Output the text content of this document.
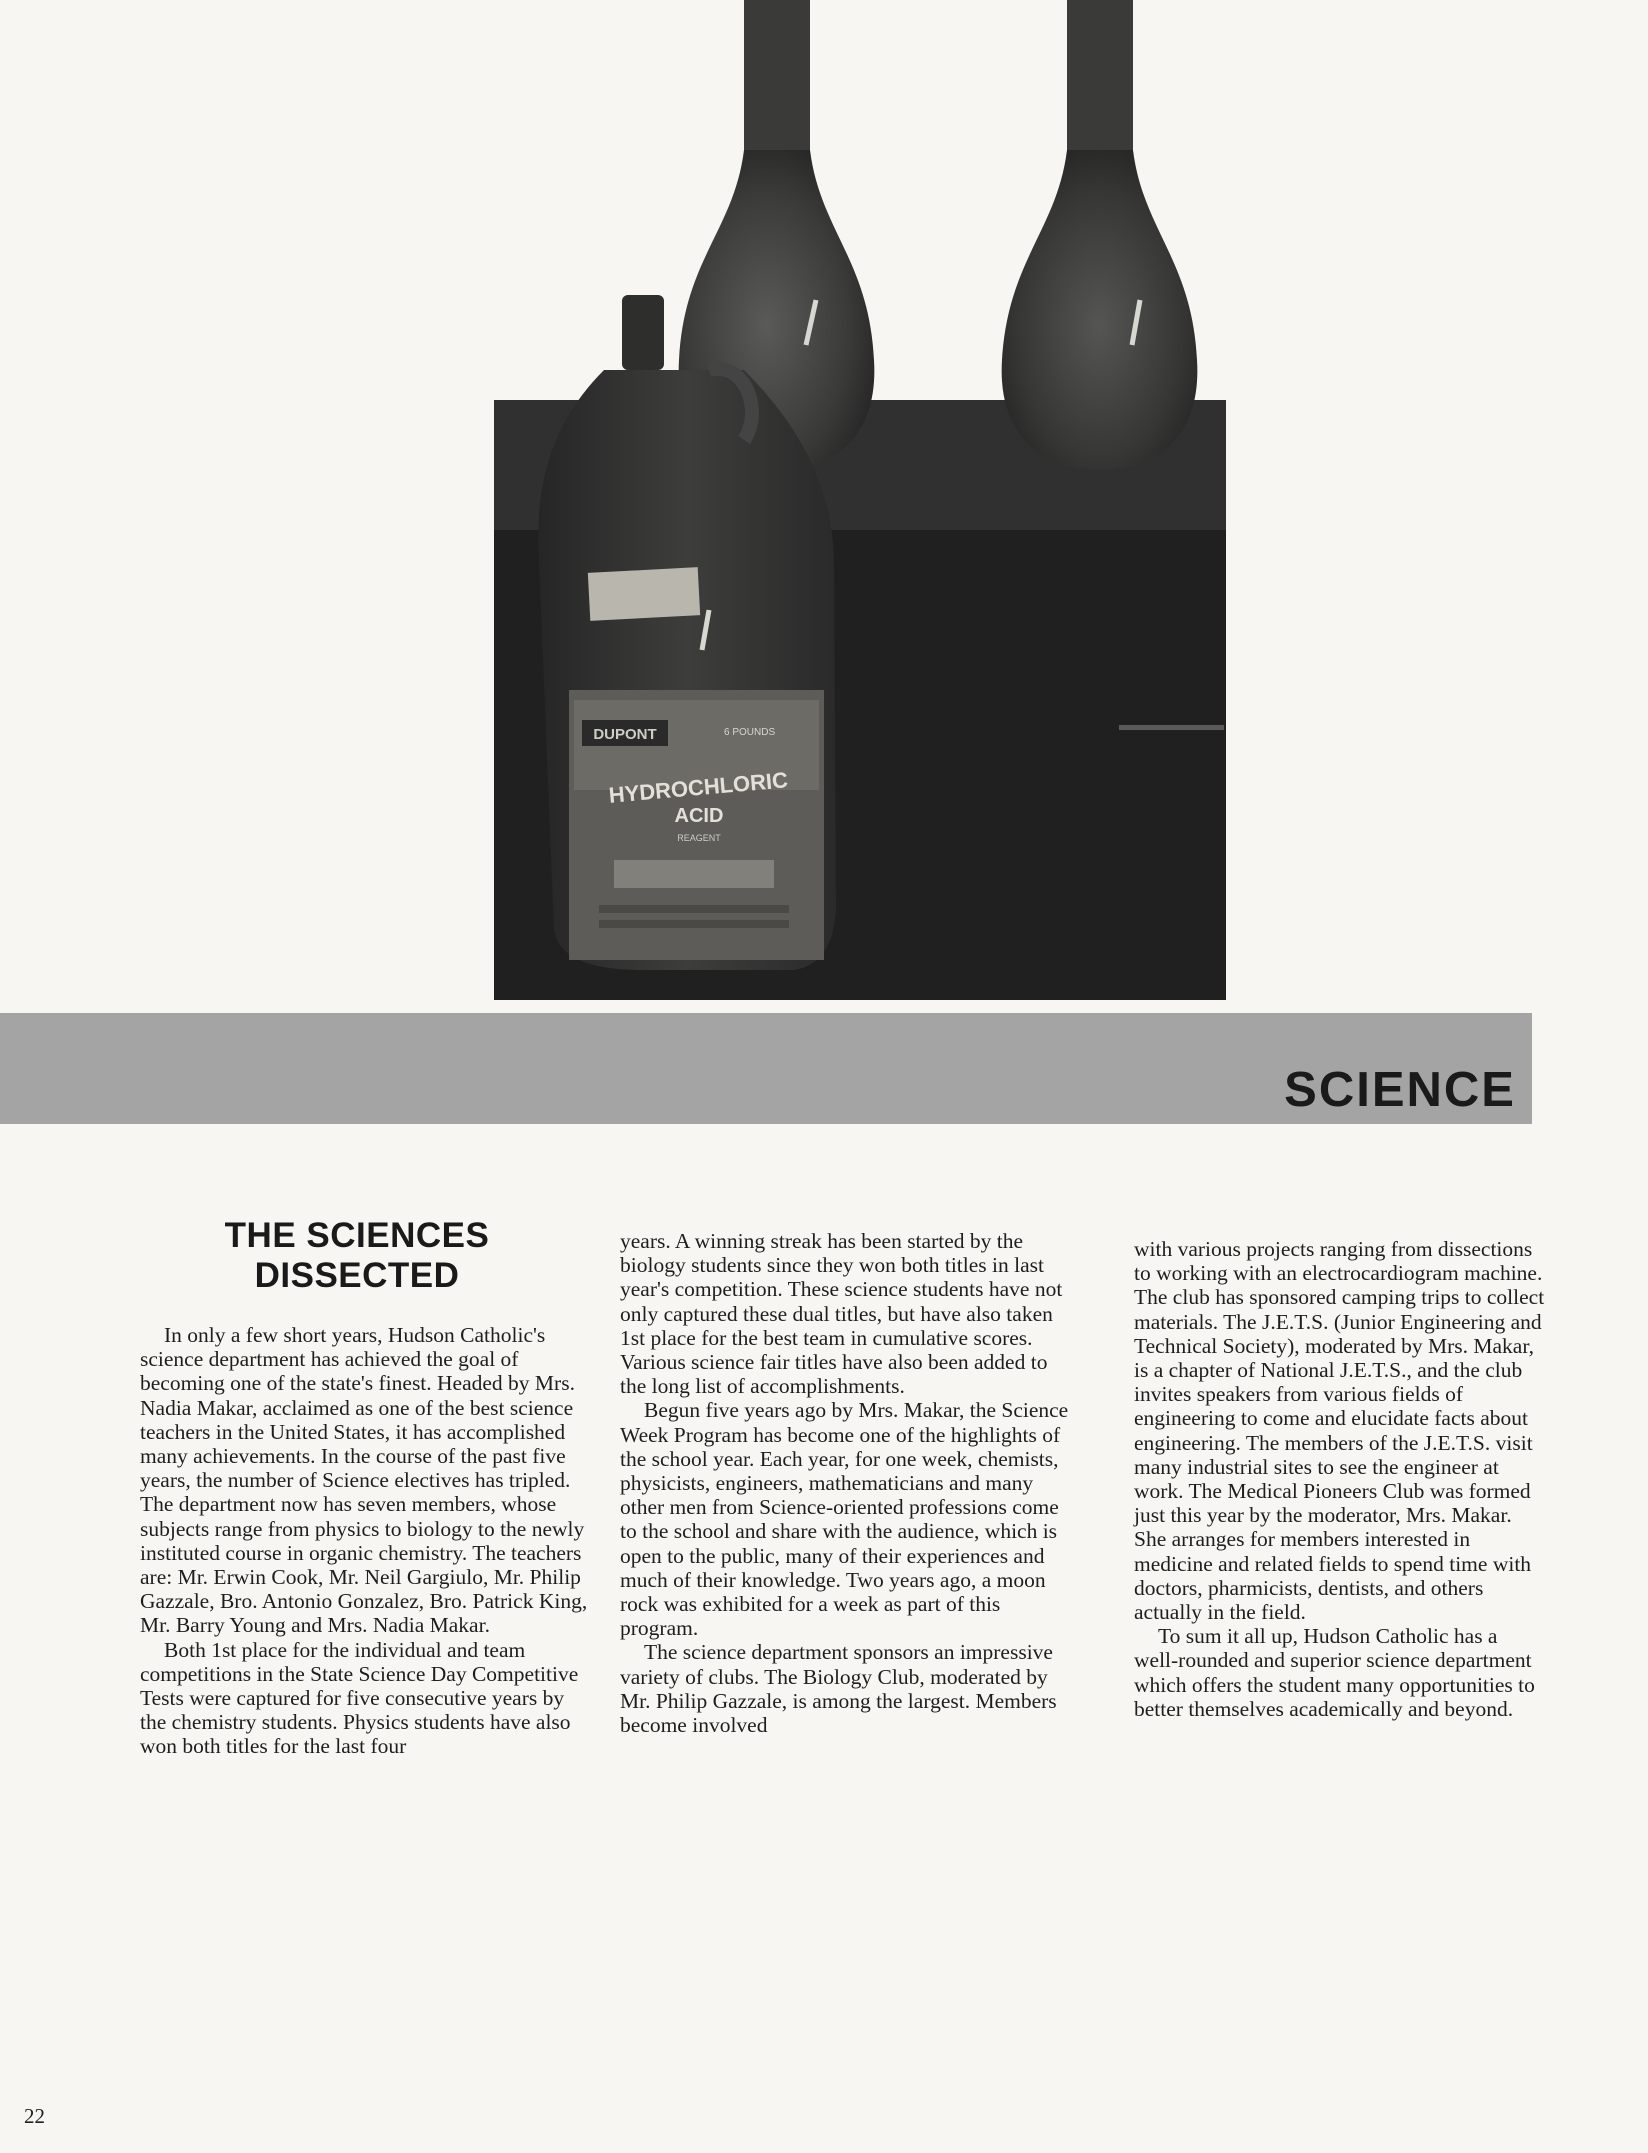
DUPONT	6 POUNDS
HYDROCHLORIC
ACID
REAGENT
SCIENCE
THE SCIENCES
DISSECTED

In only a few short years, Hudson Catholic's science department has achieved the goal of becoming one of the state's finest. Headed by Mrs. Nadia Makar, acclaimed as one of the best science teachers in the United States, it has accomplished many achievements. In the course of the past five years, the number of Science electives has tripled. The department now has seven members, whose subjects range from physics to biology to the newly instituted course in organic chemistry. The teachers are: Mr. Erwin Cook, Mr. Neil Gargiulo, Mr. Philip Gazzale, Bro. Antonio Gonzalez, Bro. Patrick King, Mr. Barry Young and Mrs. Nadia Makar.

Both 1st place for the individual and team competitions in the State Science Day Competitive Tests were captured for five consecutive years by the chemistry students. Physics students have also won both titles for the last four

years. A winning streak has been started by the biology students since they won both titles in last year's competition. These science students have not only captured these dual titles, but have also taken 1st place for the best team in cumulative scores. Various science fair titles have also been added to the long list of accomplishments.

Begun five years ago by Mrs. Makar, the Science Week Program has become one of the highlights of the school year. Each year, for one week, chemists, physicists, engineers, mathematicians and many other men from Science-oriented professions come to the school and share with the audience, which is open to the public, many of their experiences and much of their knowledge. Two years ago, a moon rock was exhibited for a week as part of this program.

The science department sponsors an impressive variety of clubs. The Biology Club, moderated by Mr. Philip Gazzale, is among the largest. Members become involved

with various projects ranging from dissections to working with an electrocardiogram machine. The club has sponsored camping trips to collect materials. The J.E.T.S. (Junior Engineering and Technical Society), moderated by Mrs. Makar, is a chapter of National J.E.T.S., and the club invites speakers from various fields of engineering to come and elucidate facts about engineering. The members of the J.E.T.S. visit many industrial sites to see the engineer at work. The Medical Pioneers Club was formed just this year by the moderator, Mrs. Makar. She arranges for members interested in medicine and related fields to spend time with doctors, pharmicists, dentists, and others actually in the field.

To sum it all up, Hudson Catholic has a well-rounded and superior science department which offers the student many opportunities to better themselves academically and beyond.

22
